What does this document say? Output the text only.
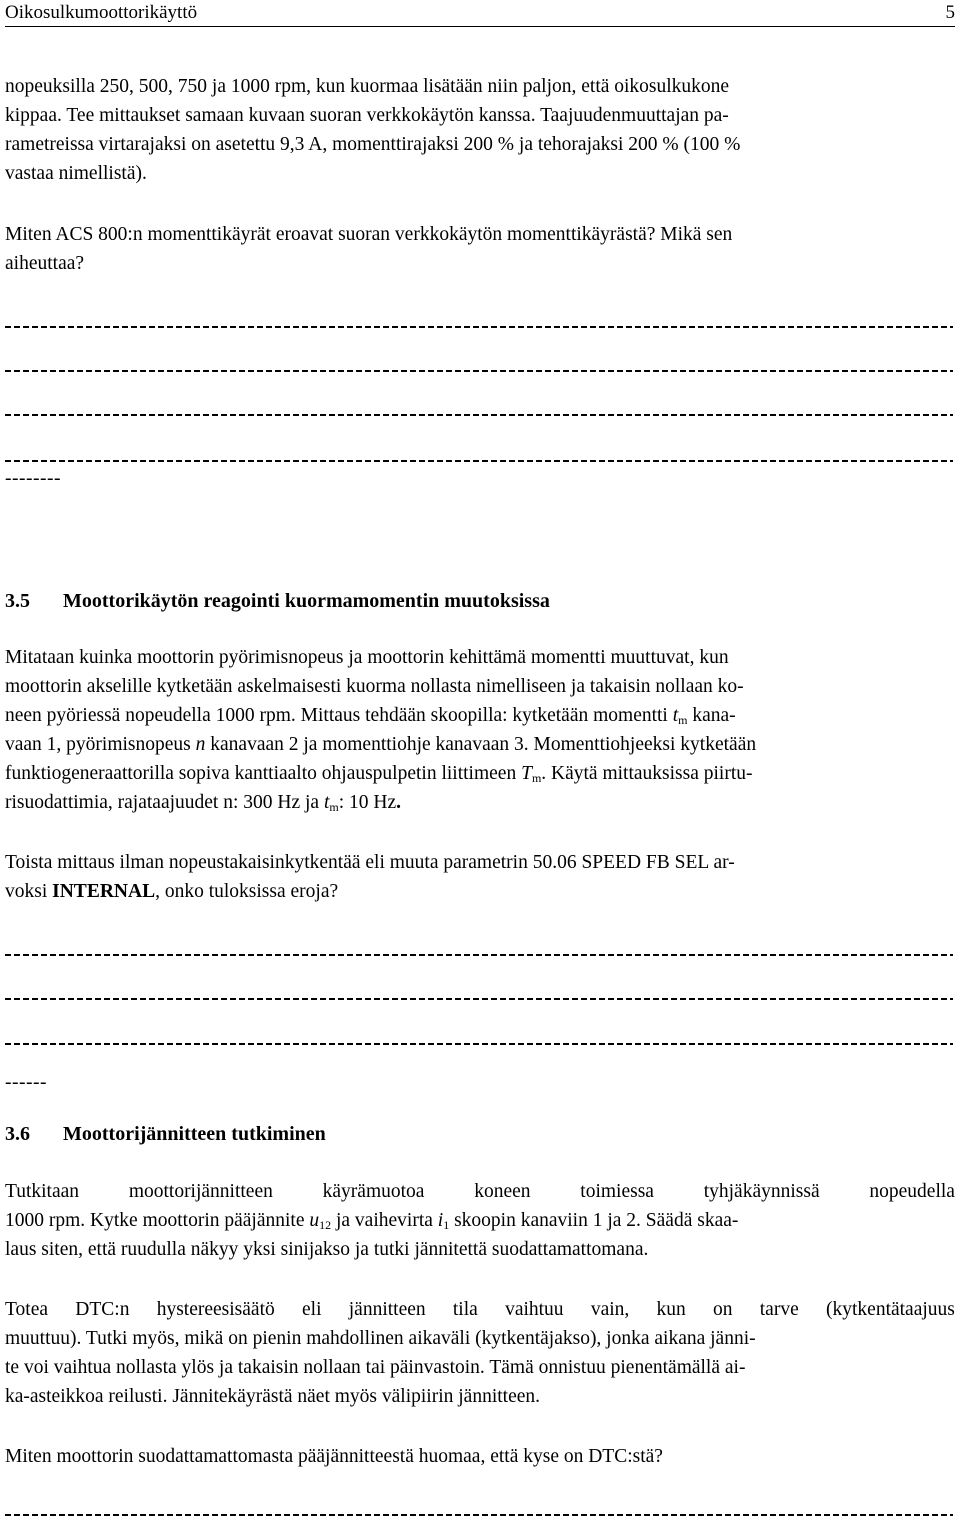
Oikosulkumoottorikäyttö	5
nopeuksilla 250, 500, 750 ja 1000 rpm, kun kuormaa lisätään niin paljon, että oikosulkukone
kippaa. Tee mittaukset samaan kuvaan suoran verkkokäytön kanssa. Taajuudenmuuttajan pa-
rametreissa virtarajaksi on asetettu 9,3 A, momenttirajaksi 200 % ja tehorajaksi 200 % (100 %
vastaa nimellistä).
Miten ACS 800:n momenttikäyrät eroavat suoran verkkokäytön momenttikäyrästä? Mikä sen
aiheuttaa?
--------
3.5 Moottorikäytön reagointi kuormamomentin muutoksissa
Mitataan kuinka moottorin pyörimisnopeus ja moottorin kehittämä momentti muuttuvat, kun
moottorin akselille kytketään askelmaisesti kuorma nollasta nimelliseen ja takaisin nollaan ko-
neen pyöriessä nopeudella 1000 rpm. Mittaus tehdään skoopilla: kytketään momentti $t_m$ kana-
vaan 1, pyörimisnopeus n kanavaan 2 ja momenttiohje kanavaan 3. Momenttiohjeeksi kytketään
funktiogeneraattorilla sopiva kanttiaalto ohjauspulpetin liittimeen $T_m$. Käytä mittauksissa piirtu-
risuodattimia, rajataajuudet n: 300 Hz ja $t_m$: 10 Hz.
Toista mittaus ilman nopeustakaisinkytkentää eli muuta parametrin 50.06 SPEED FB SEL ar-
voksi INTERNAL, onko tuloksissa eroja?
------
3.6 Moottorijännitteen tutkiminen
Tutkitaan	moottorijännitteen	käyrämuotoa	koneen	toimiessa	tyhjäkäynnissä	nopeudella
1000 rpm. Kytke moottorin pääjännite $u_{12}$ ja vaihevirta $i_1$ skoopin kanaviin 1 ja 2. Säädä skaa-
laus siten, että ruudulla näkyy yksi sinijakso ja tutki jännitettä suodattamattomana.
Totea DTC:n hystereesisäätö eli jännitteen tila vaihtuu vain, kun on tarve (kytkentätaajuus
muuttuu). Tutki myös, mikä on pienin mahdollinen aikaväli (kytkentäjakso), jonka aikana jänni-
te voi vaihtua nollasta ylös ja takaisin nollaan tai päinvastoin. Tämä onnistuu pienentämällä ai-
ka-asteikkoa reilusti. Jännitekäyrästä näet myös välipiirin jännitteen.
Miten moottorin suodattamattomasta pääjännitteestä huomaa, että kyse on DTC:stä?
